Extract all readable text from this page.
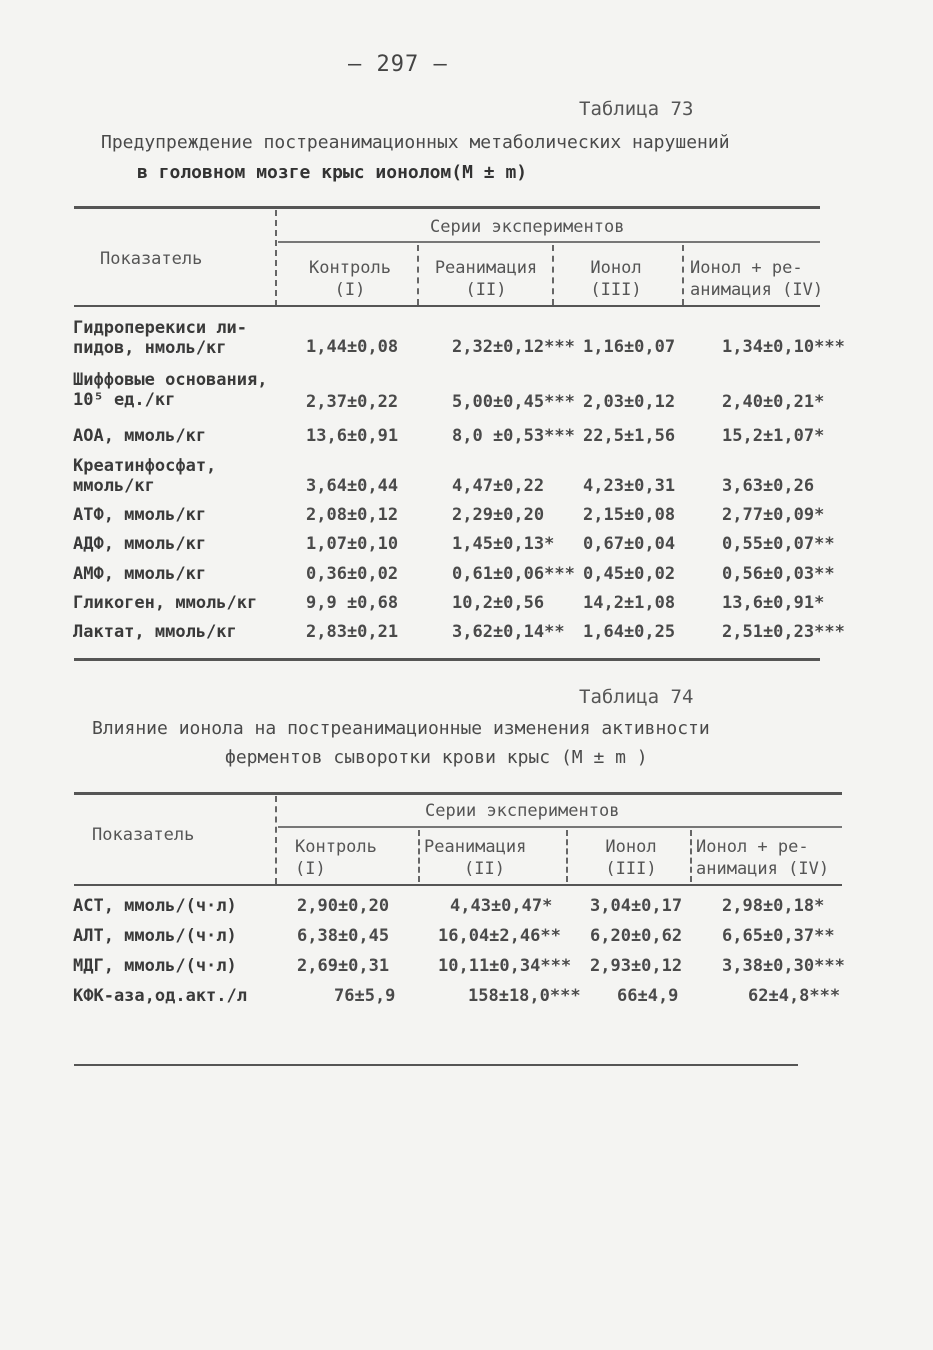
– 297 –
Таблица 73
Предупреждение постреанимационных метаболических нарушений
в головном мозге крыс ионолом(M ± m)
Серии экспериментов
Показатель	Контроль
(I)
Реанимация
(II)
Ионол
(III)
Ионол + ре-
анимация (IV)
Гидроперекиси ли-
пидов, нмоль/кг	1,44±0,08	2,32±0,12*** 1,16±0,07	1,34±0,10***
Шиффовые основания,
10⁵ ед./кг	2,37±0,22	5,00±0,45*** 2,03±0,12	2,40±0,21*
АОА, ммоль/кг	13,6±0,91	8,0 ±0,53*** 22,5±1,56	15,2±1,07*
Креатинфосфат,
ммоль/кг	3,64±0,44	4,47±0,22 4,23±0,31	3,63±0,26
АТФ, ммоль/кг	2,08±0,12	2,29±0,20 2,15±0,08	2,77±0,09*
АДФ, ммоль/кг	1,07±0,10	1,45±0,13* 0,67±0,04	0,55±0,07**
АМФ, ммоль/кг	0,36±0,02	0,61±0,06*** 0,45±0,02	0,56±0,03**
Гликоген, ммоль/кг	9,9 ±0,68	10,2±0,56 14,2±1,08	13,6±0,91*
Лактат, ммоль/кг	2,83±0,21	3,62±0,14** 1,64±0,25	2,51±0,23***
Таблица 74
Влияние ионола на постреанимационные изменения активности
ферментов сыворотки крови крыс (M ± m )
Серии экспериментов
Показатель
Контроль
(I)
Реанимация
(II)
Ионол
(III)
Ионол + ре-
анимация (IV)
АСТ, ммоль/(ч·л)	2,90±0,20	4,43±0,47* 3,04±0,17 2,98±0,18*
АЛТ, ммоль/(ч·л)	6,38±0,45	16,04±2,46** 6,20±0,62 6,65±0,37**
МДГ, ммоль/(ч·л)	2,69±0,31	10,11±0,34*** 2,93±0,12 3,38±0,30***
КФК-аза,од.акт./л	76±5,9	158±18,0*** 66±4,9	62±4,8***
